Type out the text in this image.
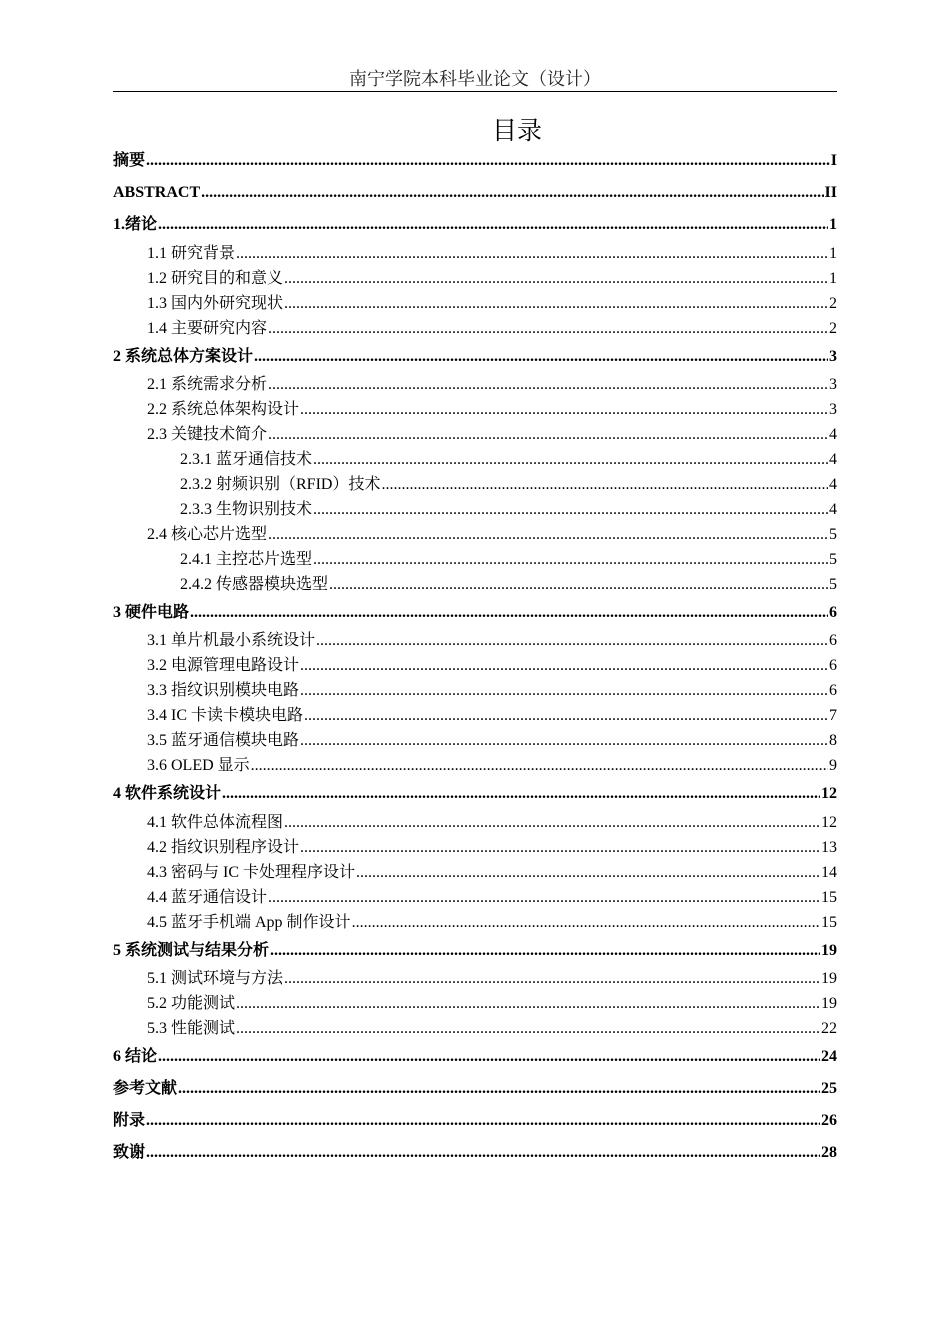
南宁学院本科毕业论文（设计）
目录
摘要 .....	I
ABSTRACT .....	II
1.绪论 .....	1
1.1 研究背景 .....	1
1.2 研究目的和意义 .....	1
1.3 国内外研究现状 .....	2
1.4 主要研究内容 .....	2
2 系统总体方案设计 .....	3
2.1 系统需求分析 .....	3
2.2 系统总体架构设计 .....	3
2.3 关键技术简介 .....	4
2.3.1 蓝牙通信技术 .....	4
2.3.2 射频识别（RFID）技术 .....	4
2.3.3 生物识别技术 .....	4
2.4 核心芯片选型 .....	5
2.4.1 主控芯片选型 .....	5
2.4.2 传感器模块选型 .....	5
3 硬件电路 .....	6
3.1 单片机最小系统设计 .....	6
3.2 电源管理电路设计 .....	6
3.3 指纹识别模块电路 .....	6
3.4 IC 卡读卡模块电路 .....	7
3.5 蓝牙通信模块电路 .....	8
3.6 OLED 显示 .....	9
4 软件系统设计 .....	12
4.1 软件总体流程图 .....	12
4.2 指纹识别程序设计 .....	13
4.3 密码与 IC 卡处理程序设计 .....	14
4.4 蓝牙通信设计 .....	15
4.5 蓝牙手机端 App 制作设计 .....	15
5 系统测试与结果分析 .....	19
5.1 测试环境与方法 .....	19
5.2 功能测试 .....	19
5.3 性能测试 .....	22
6 结论 .....	24
参考文献 .....	25
附录 .....	26
致谢 .....	28
